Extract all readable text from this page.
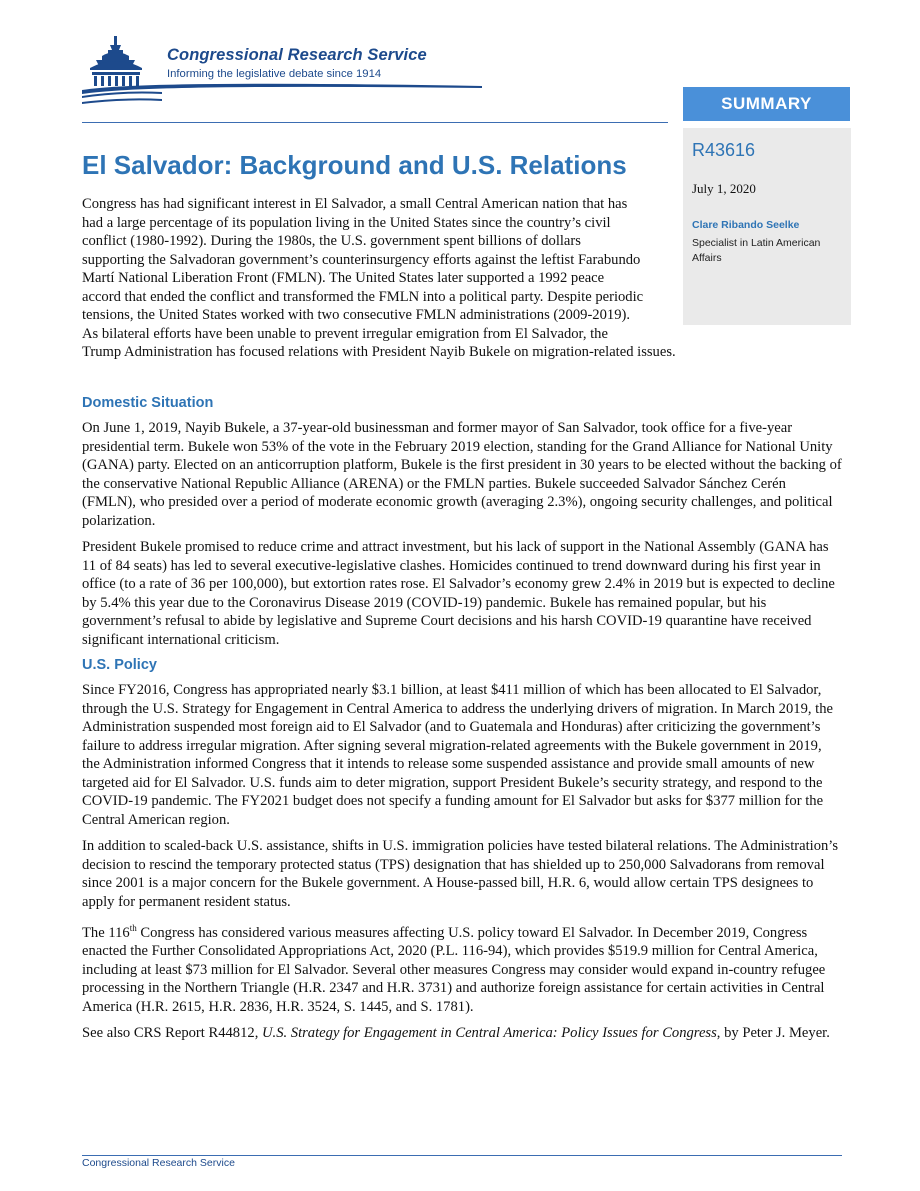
Congressional Research Service
Informing the legislative debate since 1914
SUMMARY
R43616
July 1, 2020
Clare Ribando Seelke
Specialist in Latin American Affairs
El Salvador: Background and U.S. Relations

Congress has had significant interest in El Salvador, a small Central American nation that has had a large percentage of its population living in the United States since the country’s civil conflict (1980-1992). During the 1980s, the U.S. government spent billions of dollars supporting the Salvadoran government’s counterinsurgency efforts against the leftist Farabundo Martí National Liberation Front (FMLN). The United States later supported a 1992 peace accord that ended the conflict and transformed the FMLN into a political party. Despite periodic tensions, the United States worked with two consecutive FMLN administrations (2009-2019). As bilateral efforts have been unable to prevent irregular emigration from El Salvador, the Trump Administration has focused relations with President Nayib Bukele on migration-related issues.

Domestic Situation

On June 1, 2019, Nayib Bukele, a 37-year-old businessman and former mayor of San Salvador, took office for a five-year presidential term. Bukele won 53% of the vote in the February 2019 election, standing for the Grand Alliance for National Unity (GANA) party. Elected on an anticorruption platform, Bukele is the first president in 30 years to be elected without the backing of the conservative National Republic Alliance (ARENA) or the FMLN parties. Bukele succeeded Salvador Sánchez Cerén (FMLN), who presided over a period of moderate economic growth (averaging 2.3%), ongoing security challenges, and political polarization.

President Bukele promised to reduce crime and attract investment, but his lack of support in the National Assembly (GANA has 11 of 84 seats) has led to several executive-legislative clashes. Homicides continued to trend downward during his first year in office (to a rate of 36 per 100,000), but extortion rates rose. El Salvador’s economy grew 2.4% in 2019 but is expected to decline by 5.4% this year due to the Coronavirus Disease 2019 (COVID-19) pandemic. Bukele has remained popular, but his government’s refusal to abide by legislative and Supreme Court decisions and his harsh COVID-19 quarantine have received significant international criticism.

U.S. Policy

Since FY2016, Congress has appropriated nearly $3.1 billion, at least $411 million of which has been allocated to El Salvador, through the U.S. Strategy for Engagement in Central America to address the underlying drivers of migration. In March 2019, the Administration suspended most foreign aid to El Salvador (and to Guatemala and Honduras) after criticizing the government’s failure to address irregular migration. After signing several migration-related agreements with the Bukele government in 2019, the Administration informed Congress that it intends to release some suspended assistance and provide small amounts of new targeted aid for El Salvador. U.S. funds aim to deter migration, support President Bukele’s security strategy, and respond to the COVID-19 pandemic. The FY2021 budget does not specify a funding amount for El Salvador but asks for $377 million for the Central American region.

In addition to scaled-back U.S. assistance, shifts in U.S. immigration policies have tested bilateral relations. The Administration’s decision to rescind the temporary protected status (TPS) designation that has shielded up to 250,000 Salvadorans from removal since 2001 is a major concern for the Bukele government. A House-passed bill, H.R. 6, would allow certain TPS designees to apply for permanent resident status.

The 116th Congress has considered various measures affecting U.S. policy toward El Salvador. In December 2019, Congress enacted the Further Consolidated Appropriations Act, 2020 (P.L. 116-94), which provides $519.9 million for Central America, including at least $73 million for El Salvador. Several other measures Congress may consider would expand in-country refugee processing in the Northern Triangle (H.R. 2347 and H.R. 3731) and authorize foreign assistance for certain activities in Central America (H.R. 2615, H.R. 2836, H.R. 3524, S. 1445, and S. 1781).

See also CRS Report R44812, U.S. Strategy for Engagement in Central America: Policy Issues for Congress, by Peter J. Meyer.

Congressional Research Service
